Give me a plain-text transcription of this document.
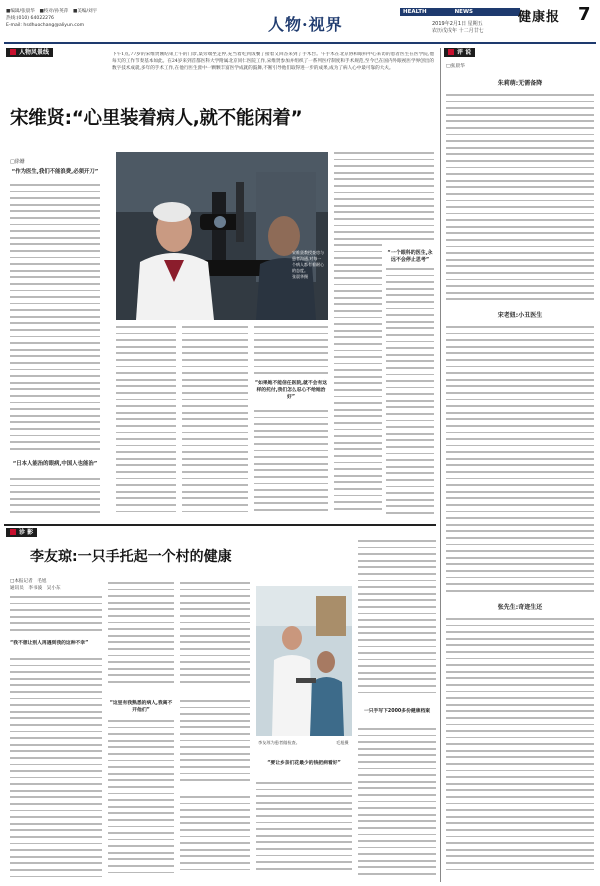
■编辑/张晨华　 ■校对/孙英萍　 ■美编/刘宇
热线:(010) 64022276
E-mail: hsdhuochang@aliyun.com	人物·视界
HEALTH	NEWS	健康报 7
2019年2月1日 星期五
农历戊戌年 十二月廿七
人物风景线	下午1点,77岁的宋维贤刚结束上午的门诊,桌旁端坐走停,充当着吃到饭餐了接着又回答来到了手术台。午手术在北京协和眼科中心来访的患者医生在医学院,他每天的工作节奏基本如此。在24岁来到首都医科大学附属北京同仁医院工作,宋维贤参加并组织了一系列医疗制度和手术规范,至今已在国内外眼视医学界创出的数字技术成就,多年的手术工作,在他行医生涯中一颗颗丰富医学成就的鼓舞,不断引导他们取得进一步的成果,成为了病人心中最可靠的大夫。
宋维贤:“心里装着病人,就不能闲着”
□徐姗
“作为医生,我们不能浪费,必须开刀”
“日本人能治的眼病,中国人也能治”
宋维贤教授查房与患者沟通,对每一个病人都有着耐心的态度。
张晨华摄
“如果她不能信任医院,就不会有这样的托付,我们怎么忍心不给她治好”
“一个眼科的医生,永远不会停止思考”
诊 影
李友琼:一只手托起一个村的健康
□本报记者　毛旭
通讯员　李书波　吴小东
“我不想让别人再遇到我的这种不幸”
“这里有我熟悉的病人,我离不开他们”
李友琼为患者做检查。	毛旭摄
“要让乡亲们花最少的钱把病看好”
一只手写下2000多份健康档案
评 说
□张晨华
朱莉萌:无需备降
宋老妞:小丑医生
张先生:奇迹生还
